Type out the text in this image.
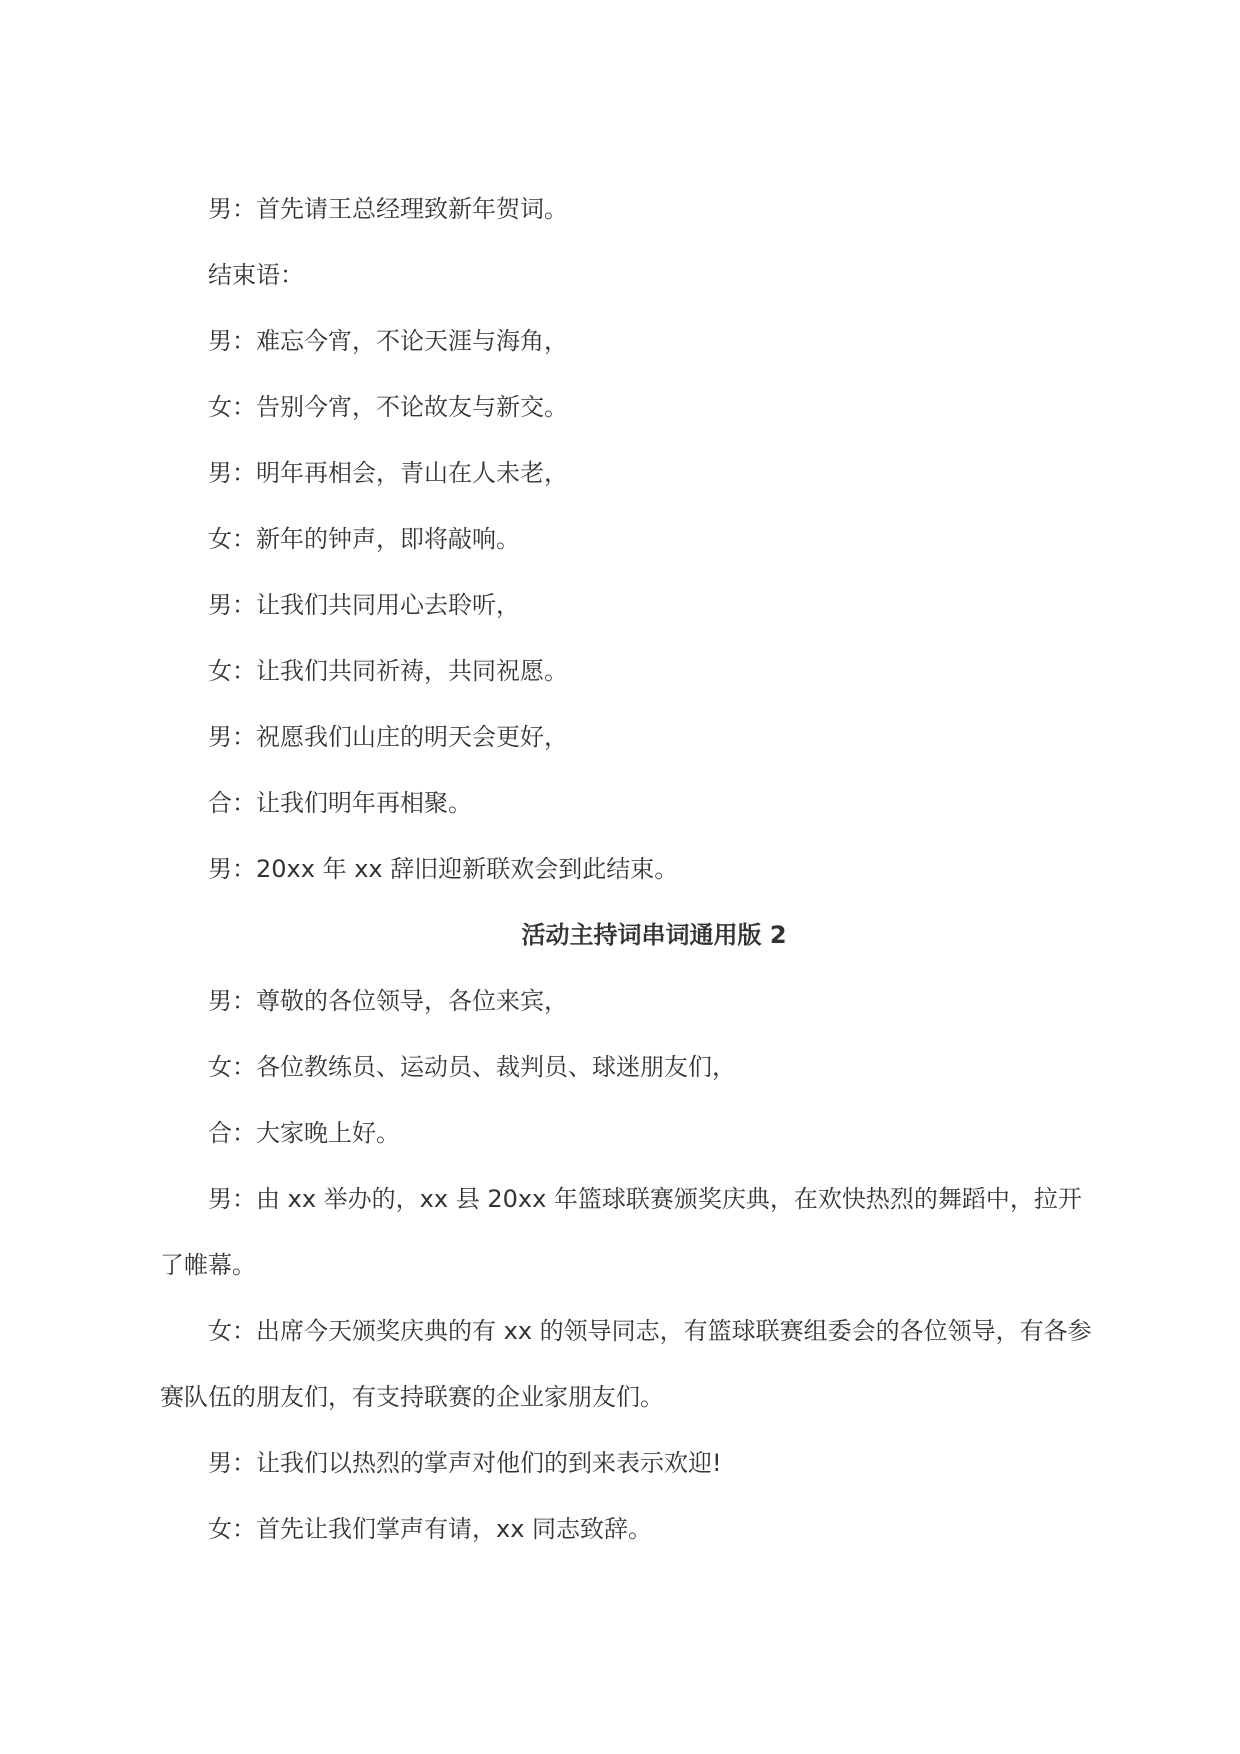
男：首先请王总经理致新年贺词。

结束语：

男：难忘今宵，不论天涯与海角，

女：告别今宵，不论故友与新交。

男：明年再相会，青山在人未老，

女：新年的钟声，即将敲响。

男：让我们共同用心去聆听，

女：让我们共同祈祷，共同祝愿。

男：祝愿我们山庄的明天会更好，

合：让我们明年再相聚。

男：20xx 年 xx 辞旧迎新联欢会到此结束。

活动主持词串词通用版 2

男：尊敬的各位领导，各位来宾，

女：各位教练员、运动员、裁判员、球迷朋友们，

合：大家晚上好。

男：由 xx 举办的，xx 县 20xx 年篮球联赛颁奖庆典，在欢快热烈的舞蹈中，拉开了帷幕。

女：出席今天颁奖庆典的有 xx 的领导同志，有篮球联赛组委会的各位领导，有各参赛队伍的朋友们，有支持联赛的企业家朋友们。

男：让我们以热烈的掌声对他们的到来表示欢迎!

女：首先让我们掌声有请，xx 同志致辞。
